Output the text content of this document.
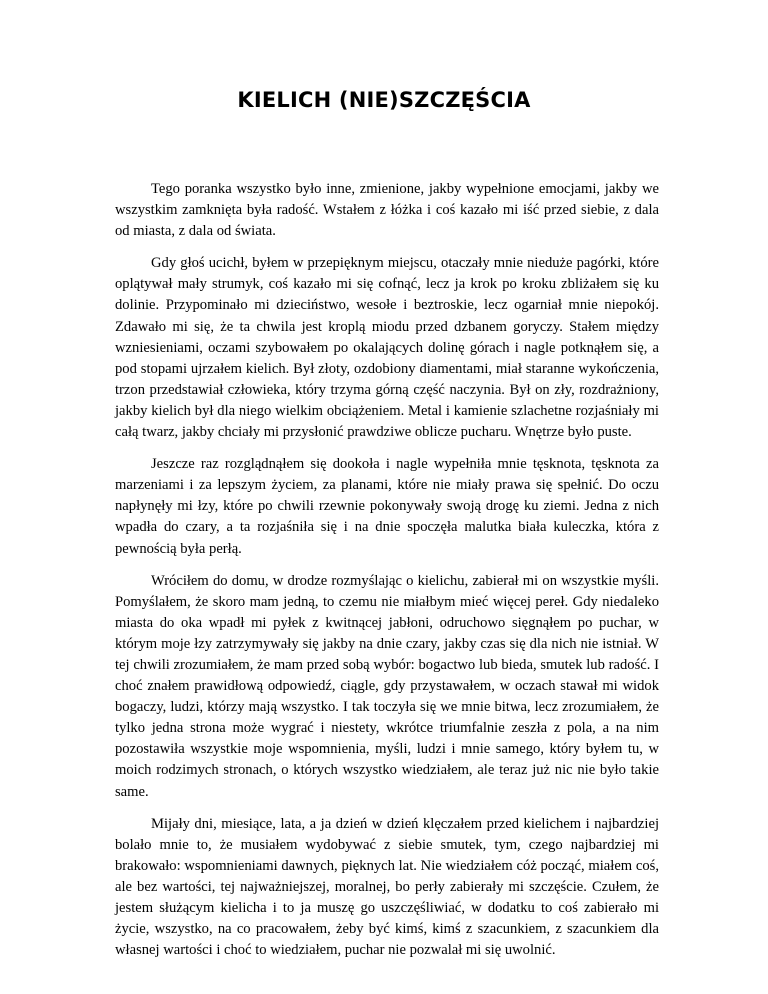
KIELICH (NIE)SZCZĘŚCIA

Tego poranka wszystko było inne, zmienione, jakby wypełnione emocjami, jakby we wszystkim zamknięta była radość. Wstałem z łóżka i coś kazało mi iść przed siebie, z dala od miasta, z dala od świata.

Gdy głoś ucichł, byłem w przepięknym miejscu, otaczały mnie nieduże pagórki, które oplątywał mały strumyk, coś kazało mi się cofnąć, lecz ja krok po kroku zbliżałem się ku dolinie. Przypominało mi dzieciństwo, wesołe i beztroskie, lecz ogarniał mnie niepokój. Zdawało mi się, że ta chwila jest kroplą miodu przed dzbanem goryczy. Stałem między wzniesieniami, oczami szybowałem po okalających dolinę górach i nagle potknąłem się, a pod stopami ujrzałem kielich. Był złoty, ozdobiony diamentami, miał staranne wykończenia, trzon przedstawiał człowieka, który trzyma górną część naczynia. Był on zły, rozdrażniony, jakby kielich był dla niego wielkim obciążeniem. Metal i kamienie szlachetne rozjaśniały mi całą twarz, jakby chciały mi przysłonić prawdziwe oblicze pucharu. Wnętrze było puste.

Jeszcze raz rozglądnąłem się dookoła i nagle wypełniła mnie tęsknota, tęsknota za marzeniami i za lepszym życiem, za planami, które nie miały prawa się spełnić. Do oczu napłynęły mi łzy, które po chwili rzewnie pokonywały swoją drogę ku ziemi. Jedna z nich wpadła do czary, a ta rozjaśniła się i na dnie spoczęła malutka biała kuleczka, która z pewnością była perłą.

Wróciłem do domu, w drodze rozmyślając o kielichu, zabierał mi on wszystkie myśli. Pomyślałem, że skoro mam jedną, to czemu nie miałbym mieć więcej pereł. Gdy niedaleko miasta do oka wpadł mi pyłek z kwitnącej jabłoni, odruchowo sięgnąłem po puchar, w którym moje łzy zatrzymywały się jakby na dnie czary, jakby czas się dla nich nie istniał. W tej chwili zrozumiałem, że mam przed sobą wybór: bogactwo lub bieda, smutek lub radość. I choć znałem prawidłową odpowiedź, ciągle, gdy przystawałem, w oczach stawał mi widok bogaczy, ludzi, którzy mają wszystko. I tak toczyła się we mnie bitwa, lecz zrozumiałem, że tylko jedna strona może wygrać i niestety, wkrótce triumfalnie zeszła z pola, a na nim pozostawiła wszystkie moje wspomnienia, myśli, ludzi i mnie samego, który byłem tu, w moich rodzimych stronach, o których wszystko wiedziałem, ale teraz już nic nie było takie same.

Mijały dni, miesiące, lata, a ja dzień w dzień klęczałem przed kielichem i najbardziej bolało mnie to, że musiałem wydobywać z siebie smutek, tym, czego najbardziej mi brakowało: wspomnieniami dawnych, pięknych lat. Nie wiedziałem cóż począć, miałem coś, ale bez wartości, tej najważniejszej, moralnej, bo perły zabierały mi szczęście. Czułem, że jestem służącym kielicha i to ja muszę go uszczęśliwiać, w dodatku to coś zabierało mi życie, wszystko, na co pracowałem, żeby być kimś, kimś z szacunkiem, z szacunkiem dla własnej wartości i choć to wiedziałem, puchar nie pozwalał mi się uwolnić.
